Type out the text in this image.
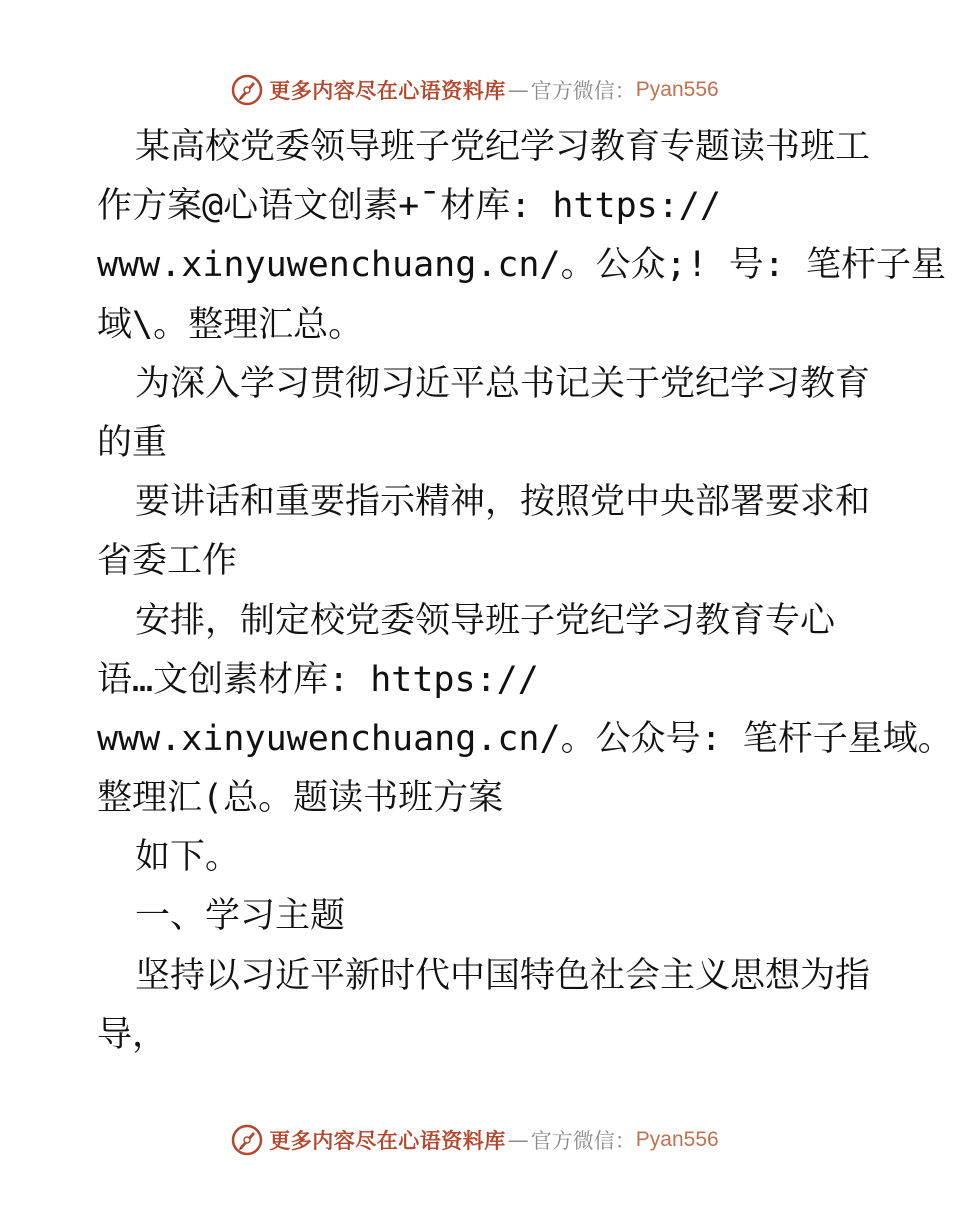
更多内容尽在心语资料库 — 官方微信： Pyan556
某高校党委领导班子党纪学习教育专题读书班工
作方案@心语文创素+¯材库: https://
www.xinyuwenchuang.cn/。公众;! 号: 笔杆子星
域\。整理汇总。
为深入学习贯彻习近平总书记关于党纪学习教育
的重
要讲话和重要指示精神，按照党中央部署要求和
省委工作
安排，制定校党委领导班子党纪学习教育专心
语…文创素材库: https://
www.xinyuwenchuang.cn/。公众号: 笔杆子星域。
整理汇(总。题读书班方案
如下。
一、学习主题
坚持以习近平新时代中国特色社会主义思想为指
导，
更多内容尽在心语资料库 — 官方微信： Pyan556
